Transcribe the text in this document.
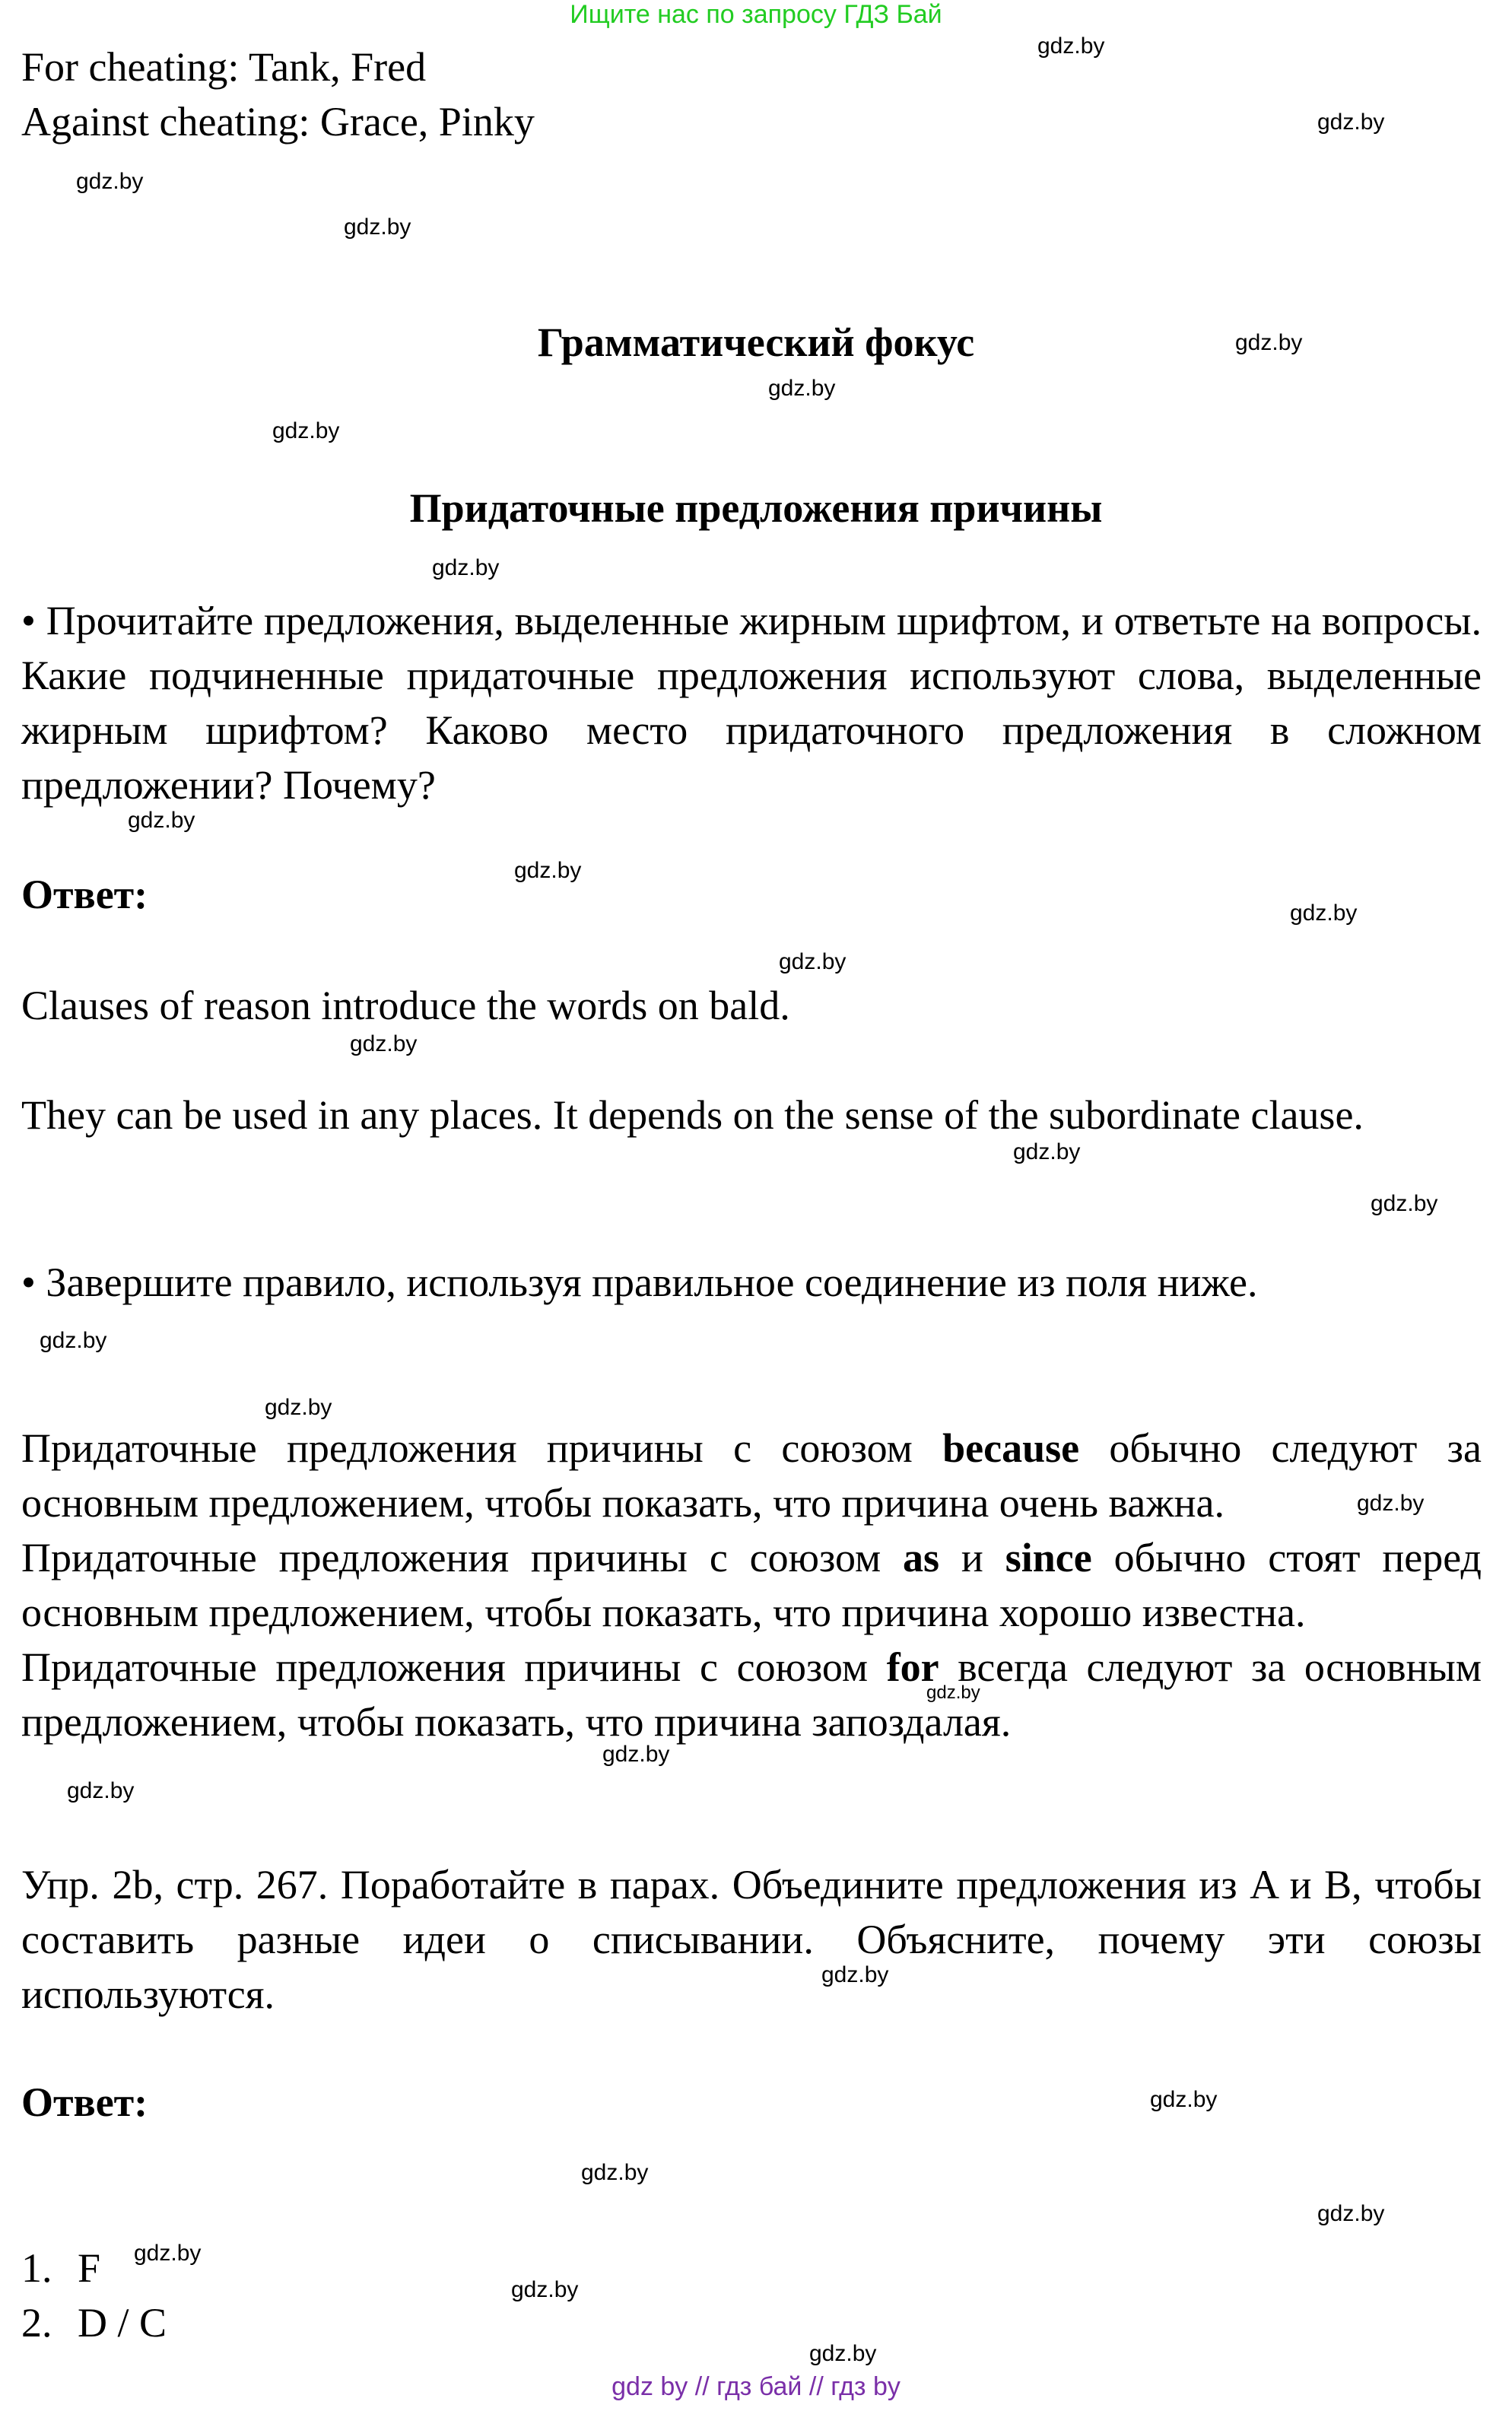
Ищите нас по запросу ГДЗ Бай
For cheating: Tank, Fred
Against cheating: Grace, Pinky
Грамматический фокус
Придаточные предложения причины
• Прочитайте предложения, выделенные жирным шрифтом, и ответьте на вопросы. Какие подчиненные придаточные предложения используют слова, выделенные жирным шрифтом? Каково место придаточного предложения в сложном предложении? Почему?
Ответ:
Clauses of reason introduce the words on bald.
They can be used in any places. It depends on the sense of the subordinate clause.
• Завершите правило, используя правильное соединение из поля ниже.
Придаточные предложения причины с союзом because обычно следуют за основным предложением, чтобы показать, что причина очень важна.
Придаточные предложения причины с союзом as и since обычно стоят перед основным предложением, чтобы показать, что причина хорошо известна.
Придаточные предложения причины с союзом for всегда следуют за основным предложением, чтобы показать, что причина запоздалая.
Упр. 2b, стр. 267. Поработайте в парах. Объедините предложения из A и B, чтобы составить разные идеи о списывании. Объясните, почему эти союзы используются.
Ответ:
1. F
2. D / C
gdz.by
gdz.by
gdz.by
gdz.by
gdz.by
gdz.by
gdz.by
gdz.by
gdz.by
gdz.by
gdz.by
gdz.by
gdz.by
gdz.by
gdz.by
gdz.by
gdz.by
gdz.by
gdz.by
gdz.by
gdz.by
gdz.by
gdz.by
gdz.by
gdz.by
gdz.by
gdz.by
gdz.by
gdz by // гдз бай // гдз by
